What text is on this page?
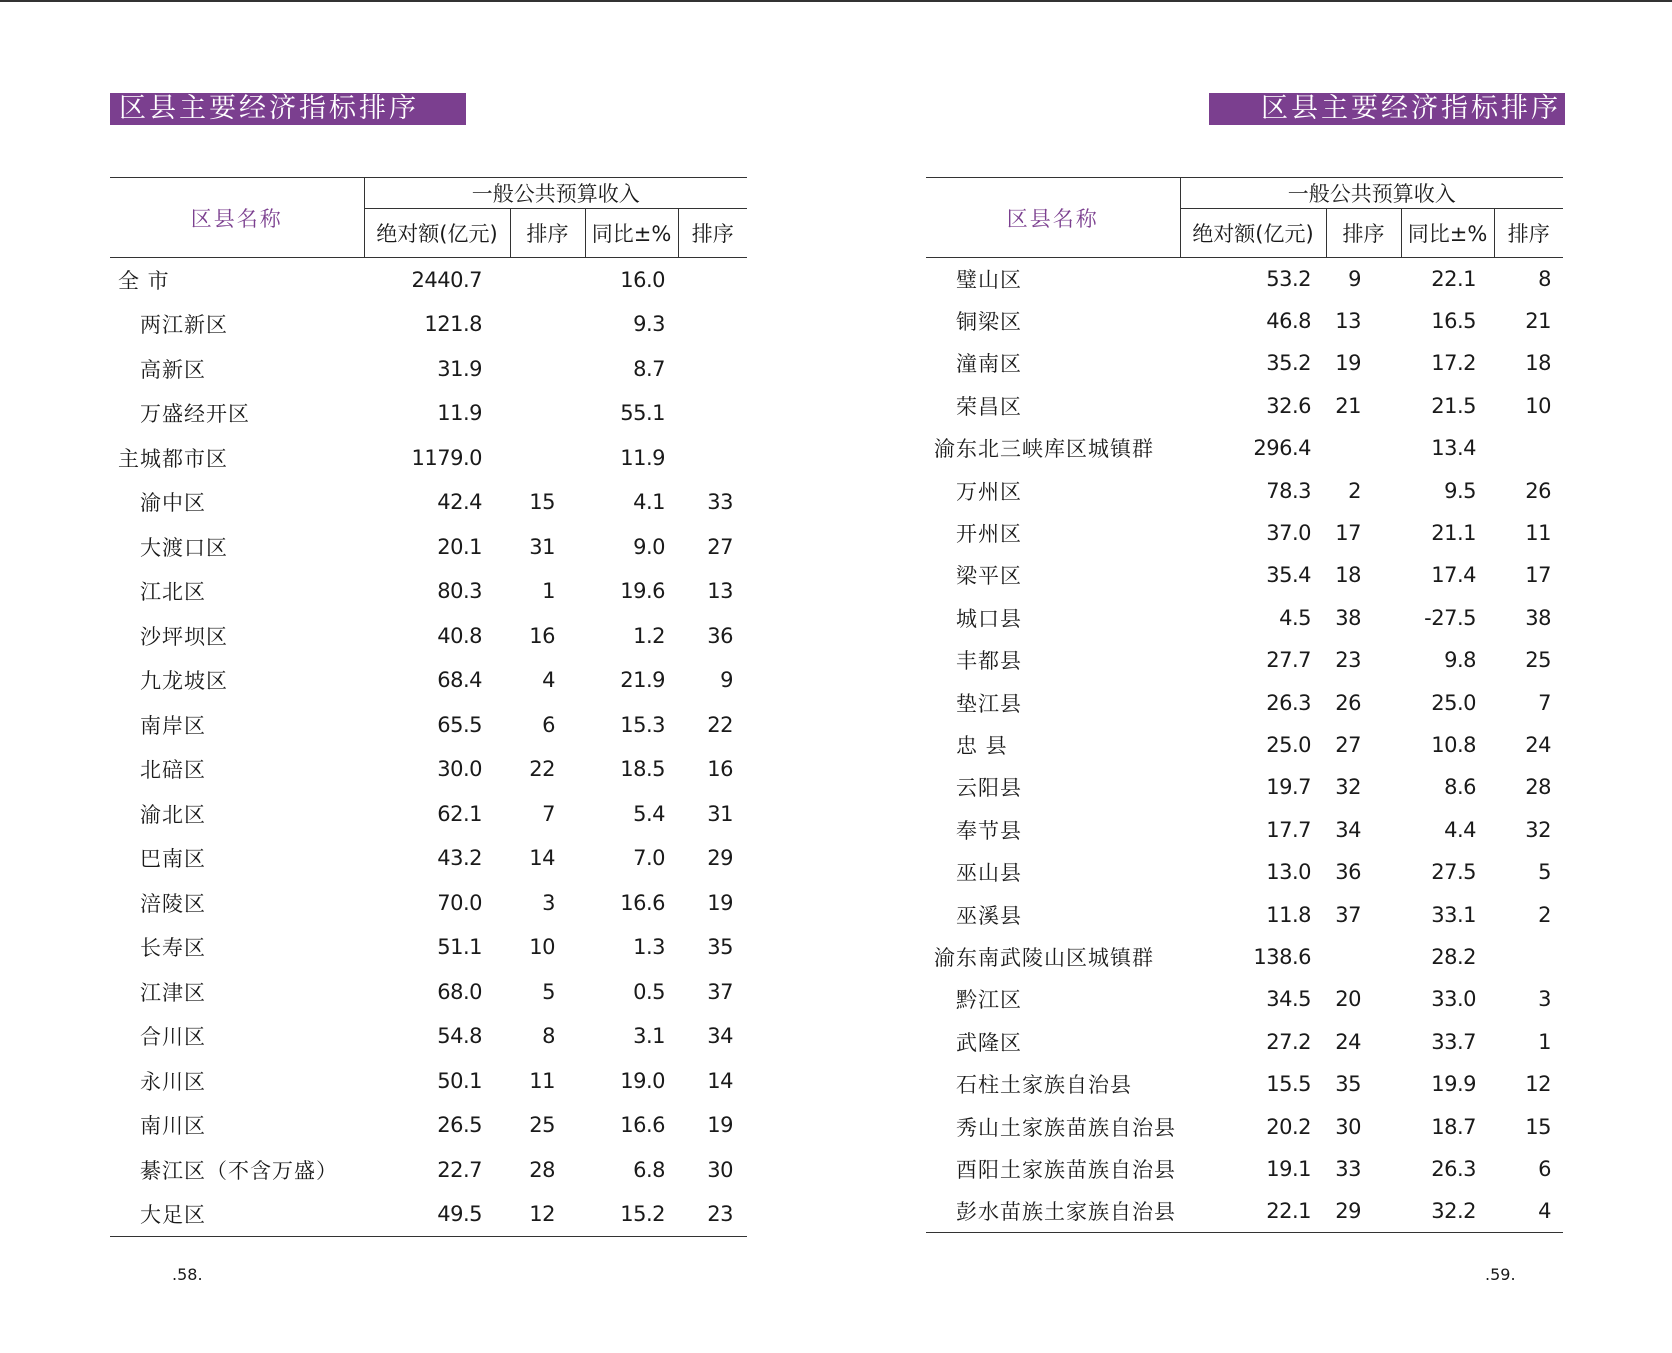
区县主要经济指标排序
区县名称	一般公共预算收入			
	绝对额(亿元)	排序	同比±%	排序
全 市	2440.7		16.0	
两江新区	121.8		9.3	
高新区	31.9		8.7	
万盛经开区	11.9		55.1	
主城都市区	1179.0		11.9	
渝中区	42.4	15	4.1	33
大渡口区	20.1	31	9.0	27
江北区	80.3	1	19.6	13
沙坪坝区	40.8	16	1.2	36
九龙坡区	68.4	4	21.9	9
南岸区	65.5	6	15.3	22
北碚区	30.0	22	18.5	16
渝北区	62.1	7	5.4	31
巴南区	43.2	14	7.0	29
涪陵区	70.0	3	16.6	19
长寿区	51.1	10	1.3	35
江津区	68.0	5	0.5	37
合川区	54.8	8	3.1	34
永川区	50.1	11	19.0	14
南川区	26.5	25	16.6	19
綦江区（不含万盛）	22.7	28	6.8	30
大足区	49.5	12	15.2	23
.58.
区县主要经济指标排序
区县名称	一般公共预算收入			
	绝对额(亿元)	排序	同比±%	排序
璧山区	53.2	9	22.1	8
铜梁区	46.8	13	16.5	21
潼南区	35.2	19	17.2	18
荣昌区	32.6	21	21.5	10
渝东北三峡库区城镇群	296.4		13.4	
万州区	78.3	2	9.5	26
开州区	37.0	17	21.1	11
梁平区	35.4	18	17.4	17
城口县	4.5	38	-27.5	38
丰都县	27.7	23	9.8	25
垫江县	26.3	26	25.0	7
忠 县	25.0	27	10.8	24
云阳县	19.7	32	8.6	28
奉节县	17.7	34	4.4	32
巫山县	13.0	36	27.5	5
巫溪县	11.8	37	33.1	2
渝东南武陵山区城镇群	138.6		28.2	
黔江区	34.5	20	33.0	3
武隆区	27.2	24	33.7	1
石柱土家族自治县	15.5	35	19.9	12
秀山土家族苗族自治县	20.2	30	18.7	15
酉阳土家族苗族自治县	19.1	33	26.3	6
彭水苗族土家族自治县	22.1	29	32.2	4
.59.
